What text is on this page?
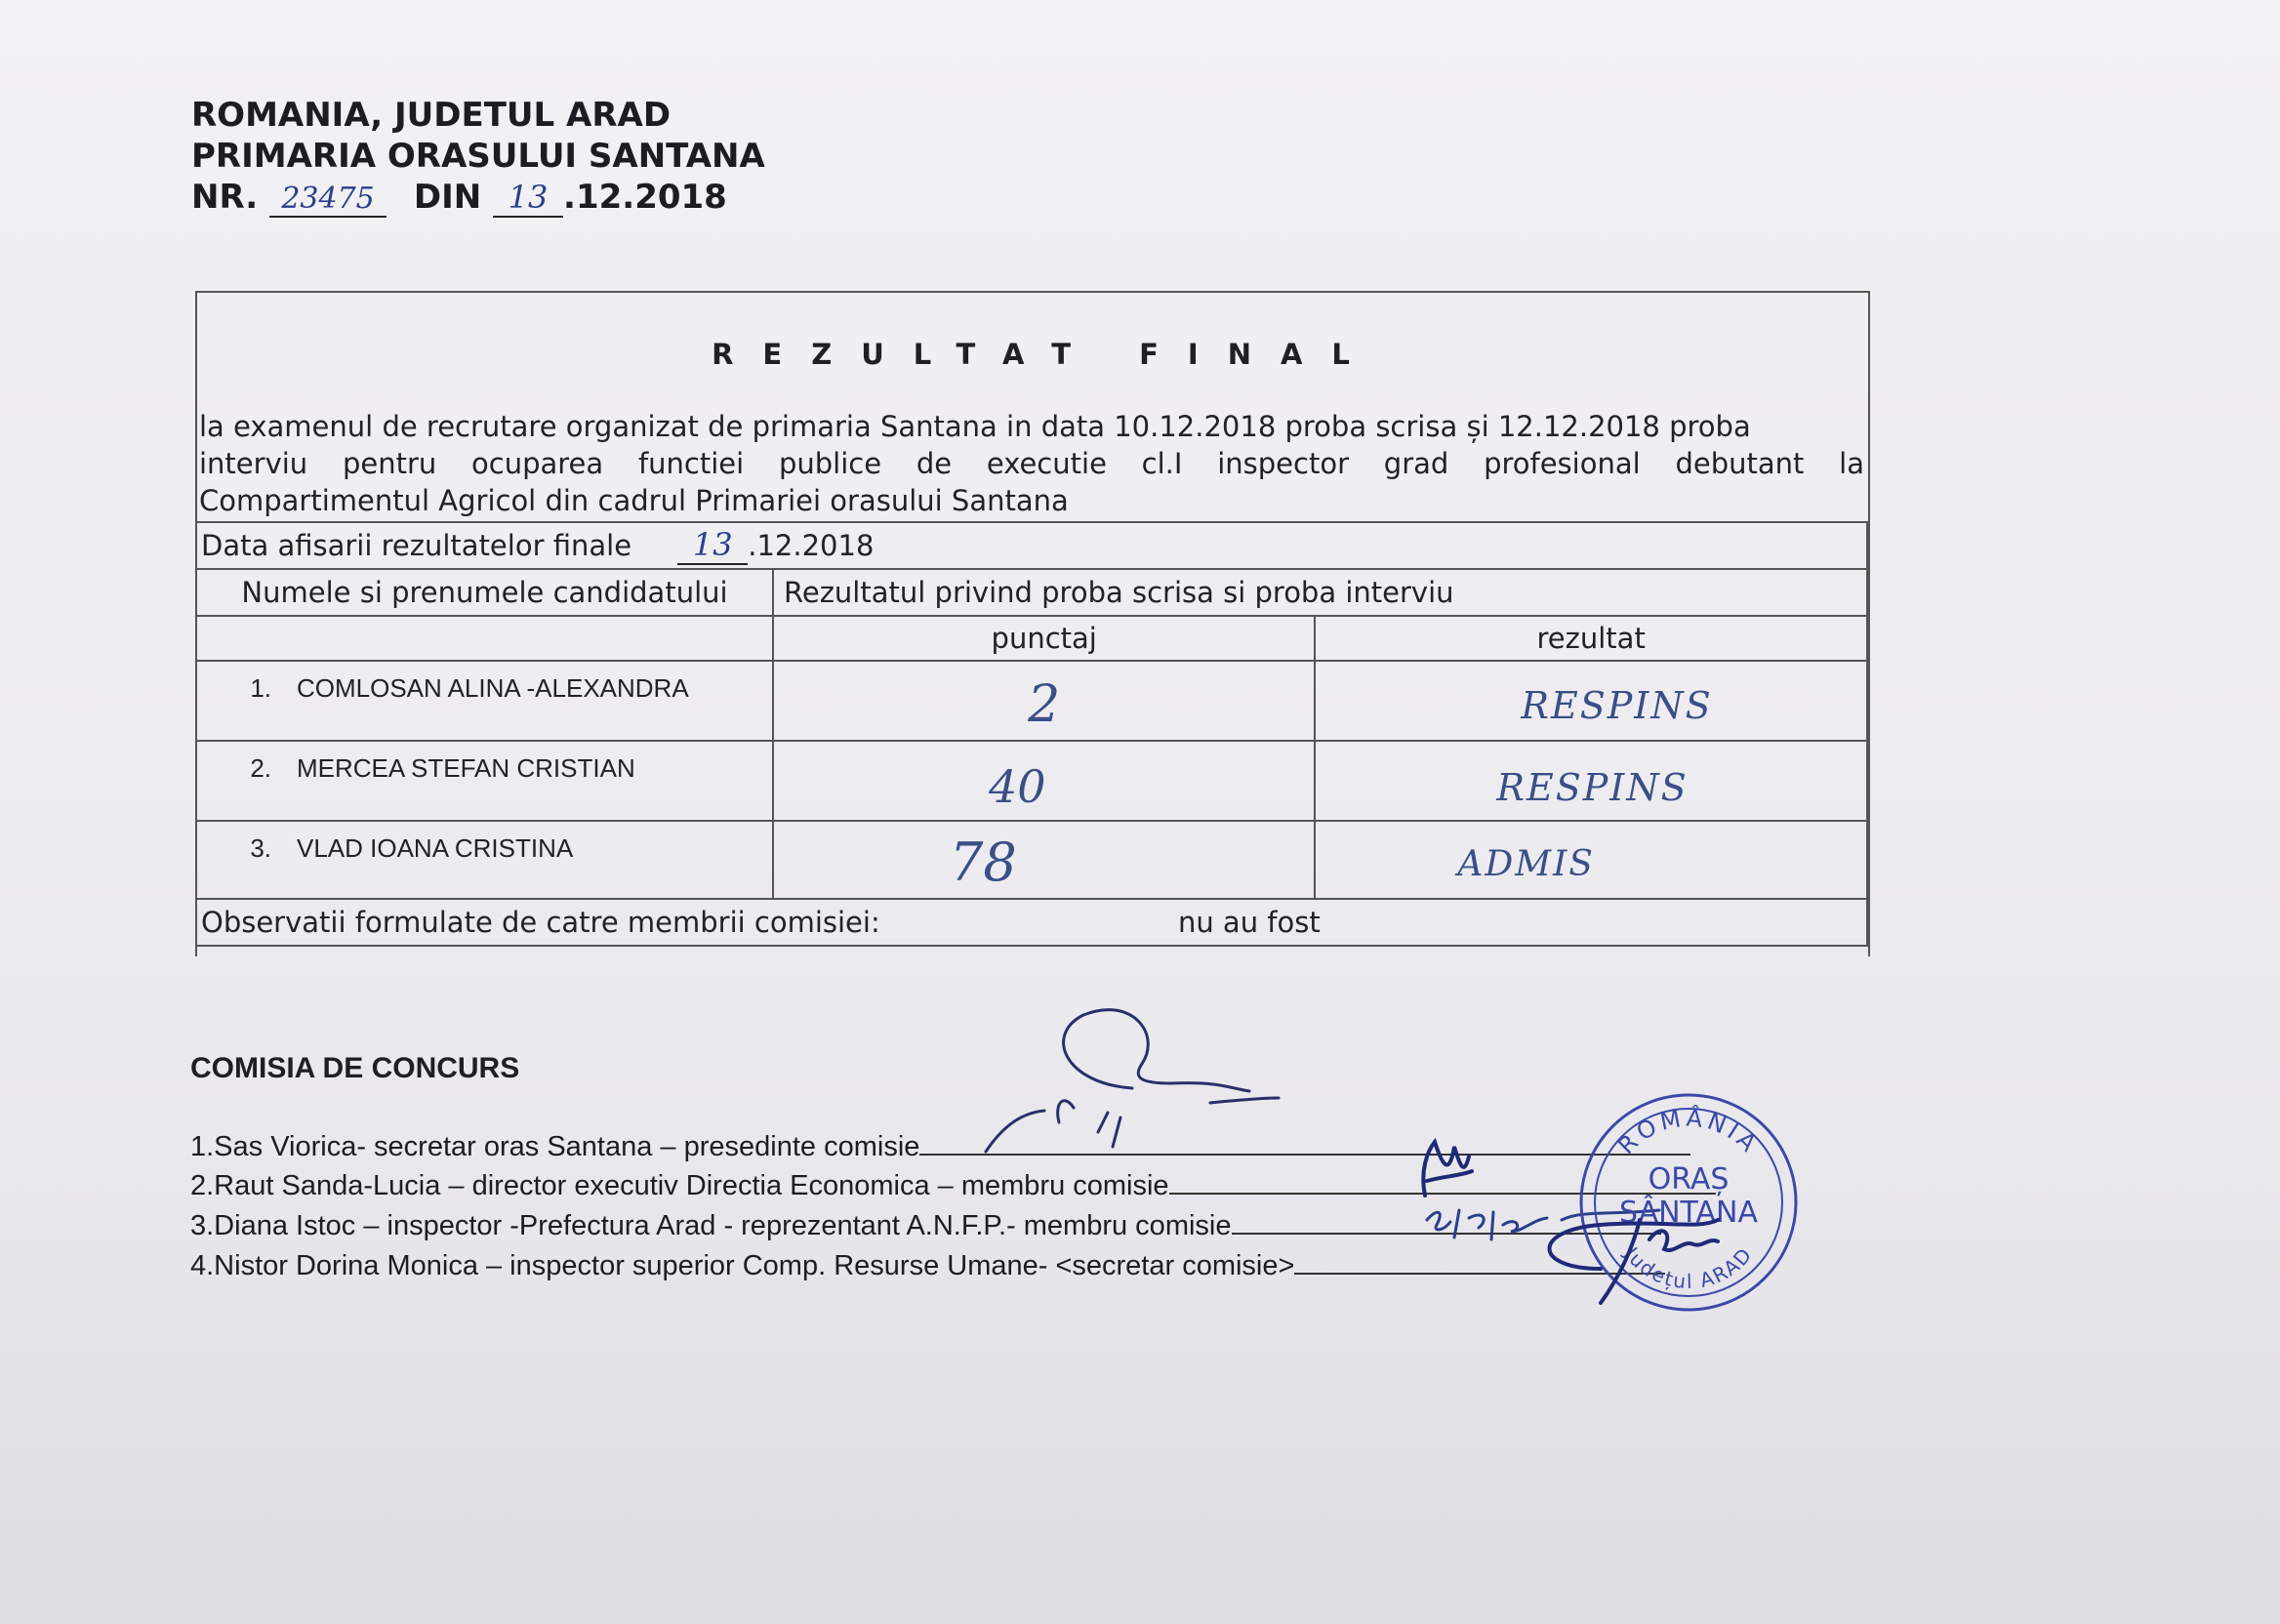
ROMANIA, JUDETUL ARAD
PRIMARIA ORASULUI SANTANA
NR. 23475 DIN 13 .12.2018
REZULTAT FINAL
la examenul de recrutare organizat de primaria Santana in data 10.12.2018 proba scrisa și 12.12.2018 proba
interviu pentru ocuparea functiei publice de executie cl.I inspector grad profesional debutant la
Compartimentul Agricol din cadrul Primariei orasului Santana
Data afisarii rezultatelor finale 13 .12.2018		
Numele si prenumele candidatului	Rezultatul privind proba scrisa si proba interviu	
	punctaj	rezultat
1. COMLOSAN ALINA -ALEXANDRA	2	RESPINS
2. MERCEA STEFAN CRISTIAN	40	RESPINS
3. VLAD IOANA CRISTINA	78	ADMIS
Observatii formulate de catre membrii comisiei: nu au fost		
COMISIA DE CONCURS
1.Sas Viorica- secretar oras Santana – presedinte comisie
2.Raut Sanda-Lucia – director executiv Directia Economica – membru comisie
3.Diana Istoc – inspector -Prefectura Arad - reprezentant A.N.F.P.- membru comisie
4.Nistor Dorina Monica – inspector superior Comp. Resurse Umane- <secretar comisie>
ROMÂNIA
ORAȘ
SÂNTANA
Județul ARAD
